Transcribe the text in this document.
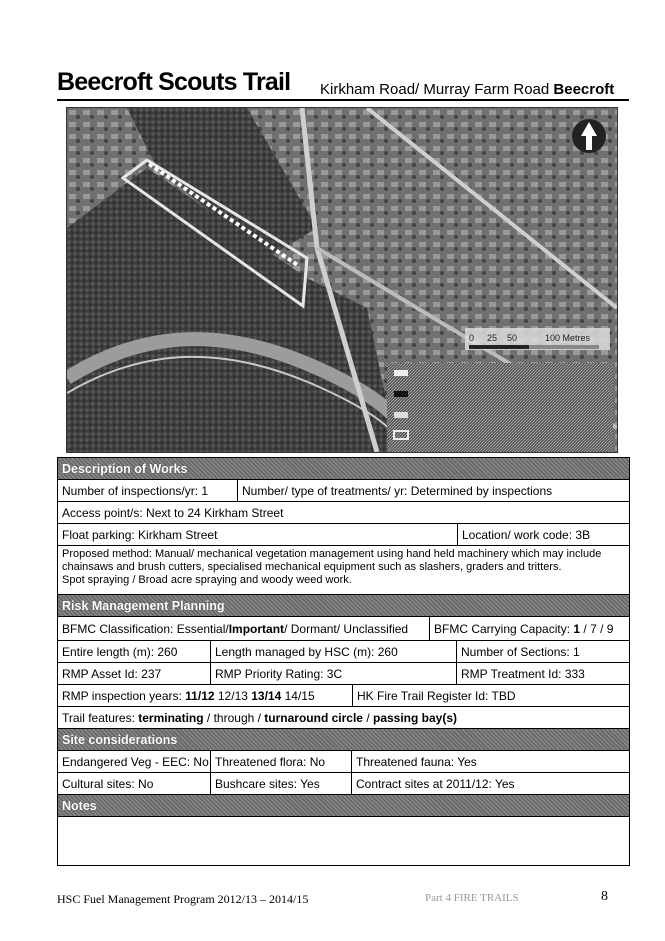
Beecroft Scouts Trail Kirkham Road/ Murray Farm Road Beecroft
0 25 50	100 Metres
Description of Works
Number of inspections/yr: 1	Number/ type of treatments/ yr: Determined by inspections
Access point/s: Next to 24 Kirkham Street
Float parking: Kirkham Street	Location/ work code: 3B
Proposed method: Manual/ mechanical vegetation management using hand held machinery which may include
chainsaws and brush cutters, specialised mechanical equipment such as slashers, graders and tritters.
Spot spraying / Broad acre spraying and woody weed work.
Risk Management Planning
BFMC Classification: Essential/ Important / Dormant/ Unclassified BFMC Carrying Capacity: 1 / 7 / 9
Entire length (m): 260	Length managed by HSC (m): 260	Number of Sections: 1
RMP Asset Id: 237	RMP Priority Rating: 3C	RMP Treatment Id: 333
RMP inspection years: 11/12 12/13 13/14 14/15	HK Fire Trail Register Id: TBD
Trail features: terminating / through / turnaround circle / passing bay(s)
Site considerations
Endangered Veg - EEC: No Threatened flora: No	Threatened fauna: Yes
Cultural sites: No	Bushcare sites: Yes	Contract sites at 2011/12: Yes
Notes
HSC Fuel Management Program 2012/13 – 2014/15	Part 4 FIRE TRAILS	8
